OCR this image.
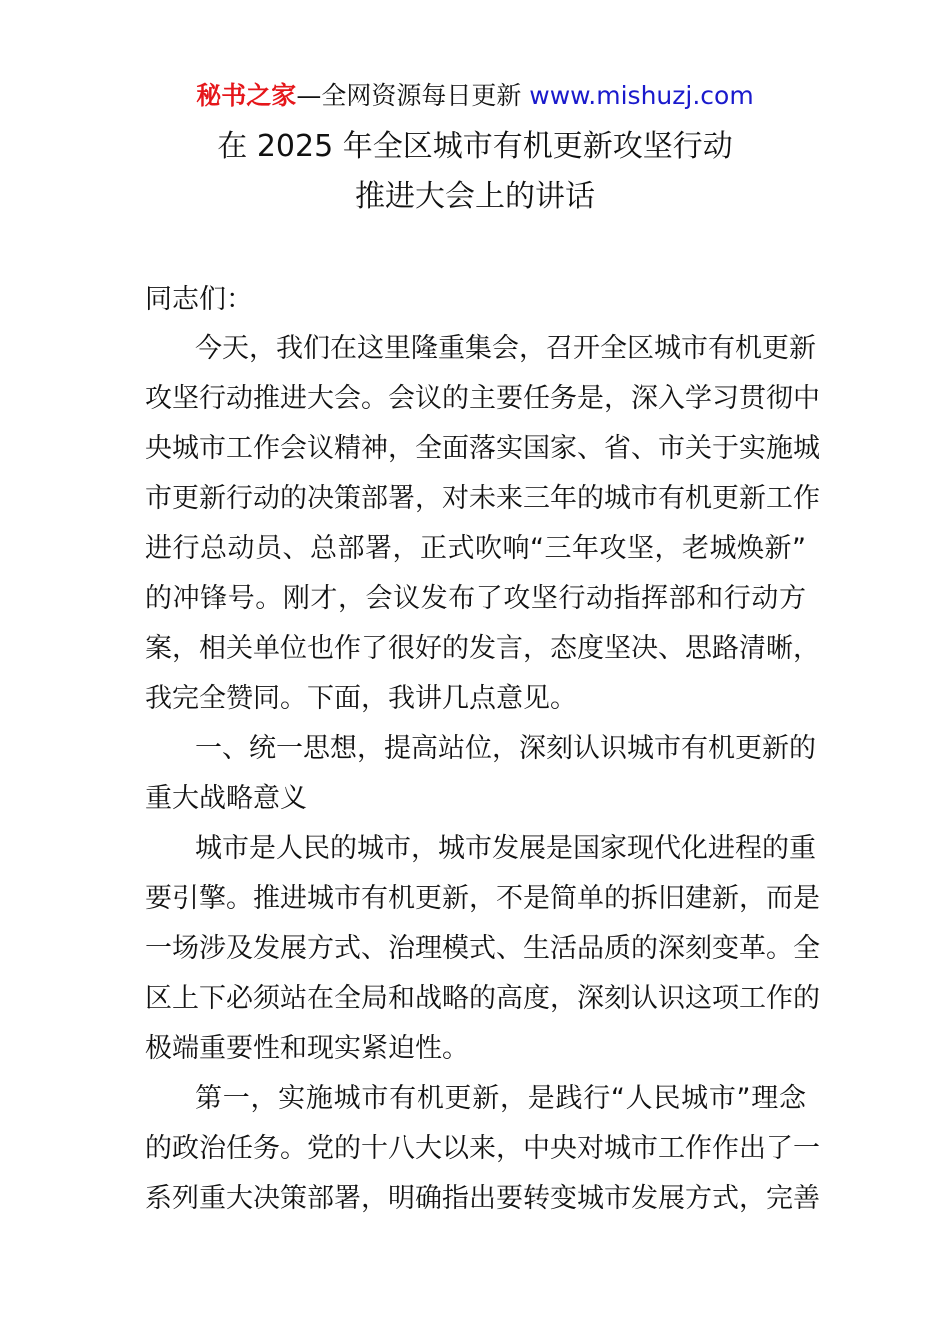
秘书之家—全网资源每日更新 www.mishuzj.com
在 2025 年全区城市有机更新攻坚行动
推进大会上的讲话
同志们：
今天，我们在这里隆重集会，召开全区城市有机更新
攻坚行动推进大会。会议的主要任务是，深入学习贯彻中
央城市工作会议精神，全面落实国家、省、市关于实施城
市更新行动的决策部署，对未来三年的城市有机更新工作
进行总动员、总部署，正式吹响“三年攻坚，老城焕新”
的冲锋号。刚才，会议发布了攻坚行动指挥部和行动方
案，相关单位也作了很好的发言，态度坚决、思路清晰，
我完全赞同。下面，我讲几点意见。
一、统一思想，提高站位，深刻认识城市有机更新的
重大战略意义
城市是人民的城市，城市发展是国家现代化进程的重
要引擎。推进城市有机更新，不是简单的拆旧建新，而是
一场涉及发展方式、治理模式、生活品质的深刻变革。全
区上下必须站在全局和战略的高度，深刻认识这项工作的
极端重要性和现实紧迫性。
第一，实施城市有机更新，是践行“人民城市”理念
的政治任务。党的十八大以来，中央对城市工作作出了一
系列重大决策部署，明确指出要转变城市发展方式，完善
